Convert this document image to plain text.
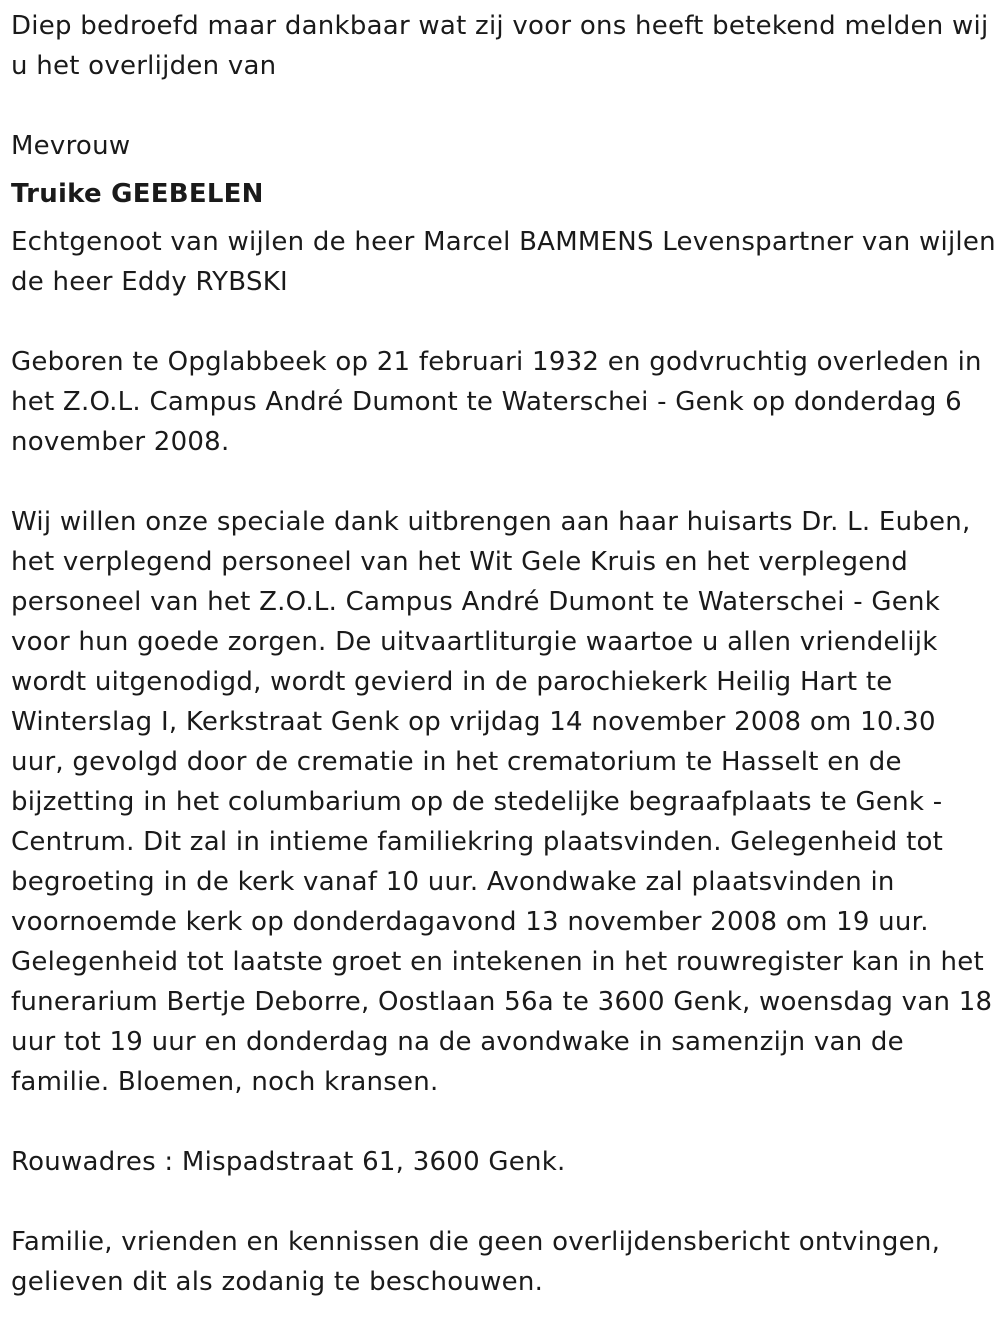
Diep bedroefd maar dankbaar wat zij voor ons heeft betekend melden wij u het overlijden van

Mevrouw

Truike GEEBELEN

Echtgenoot van wijlen de heer Marcel BAMMENS Levenspartner van wijlen de heer Eddy RYBSKI

Geboren te Opglabbeek op 21 februari 1932 en godvruchtig overleden in het Z.O.L. Campus André Dumont te Waterschei - Genk op donderdag 6 november 2008.

Wij willen onze speciale dank uitbrengen aan haar huisarts Dr. L. Euben, het verplegend personeel van het Wit Gele Kruis en het verplegend personeel van het Z.O.L. Campus André Dumont te Waterschei - Genk voor hun goede zorgen. De uitvaartliturgie waartoe u allen vriendelijk wordt uitgenodigd, wordt gevierd in de parochiekerk Heilig Hart te Winterslag I, Kerkstraat Genk op vrijdag 14 november 2008 om 10.30 uur, gevolgd door de crematie in het crematorium te Hasselt en de bijzetting in het columbarium op de stedelijke begraafplaats te Genk - Centrum. Dit zal in intieme familiekring plaatsvinden. Gelegenheid tot begroeting in de kerk vanaf 10 uur. Avondwake zal plaatsvinden in voornoemde kerk op donderdagavond 13 november 2008 om 19 uur. Gelegenheid tot laatste groet en intekenen in het rouwregister kan in het funerarium Bertje Deborre, Oostlaan 56a te 3600 Genk, woensdag van 18 uur tot 19 uur en donderdag na de avondwake in samenzijn van de familie. Bloemen, noch kransen.

Rouwadres : Mispadstraat 61, 3600 Genk.

Familie, vrienden en kennissen die geen overlijdensbericht ontvingen, gelieven dit als zodanig te beschouwen.
